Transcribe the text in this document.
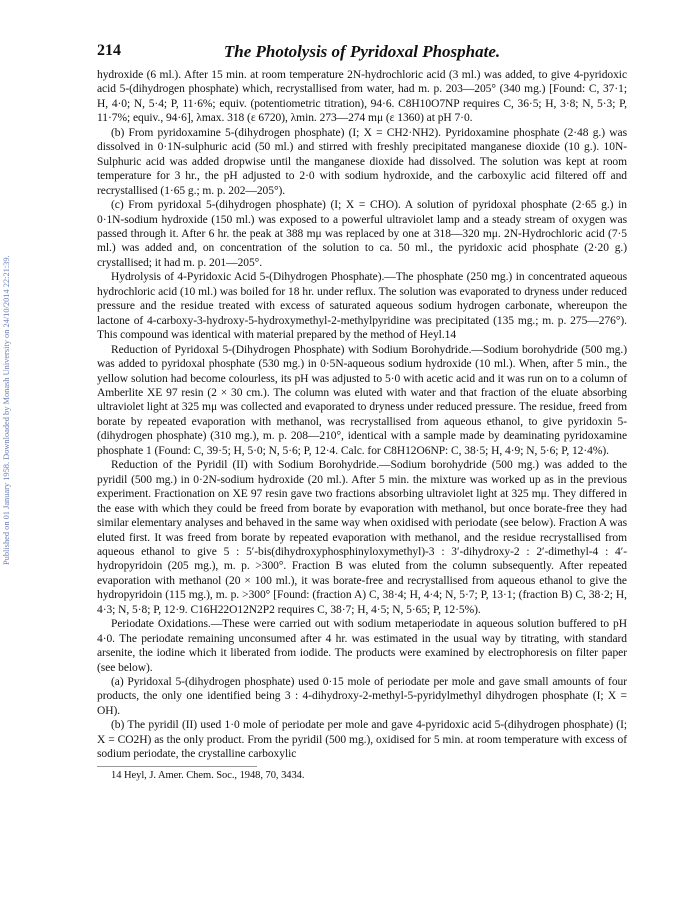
Published on 01 January 1958. Downloaded by Monash University on 24/10/2014 22:21:39.
214	The Photolysis of Pyridoxal Phosphate.

hydroxide (6 ml.). After 15 min. at room temperature 2N-hydrochloric acid (3 ml.) was added, to give 4-pyridoxic acid 5-(dihydrogen phosphate) which, recrystallised from water, had m. p. 203—205° (340 mg.) [Found: C, 37·1; H, 4·0; N, 5·4; P, 11·6%; equiv. (potentiometric titration), 94·6. C8H10O7NP requires C, 36·5; H, 3·8; N, 5·3; P, 11·7%; equiv., 94·6], λmax. 318 (ε 6720), λmin. 273—274 mμ (ε 1360) at pH 7·0.

(b) From pyridoxamine 5-(dihydrogen phosphate) (I; X = CH2·NH2). Pyridoxamine phosphate (2·48 g.) was dissolved in 0·1N-sulphuric acid (50 ml.) and stirred with freshly precipitated manganese dioxide (10 g.). 10N-Sulphuric acid was added dropwise until the manganese dioxide had dissolved. The solution was kept at room temperature for 3 hr., the pH adjusted to 2·0 with sodium hydroxide, and the carboxylic acid filtered off and recrystallised (1·65 g.; m. p. 202—205°).

(c) From pyridoxal 5-(dihydrogen phosphate) (I; X = CHO). A solution of pyridoxal phosphate (2·65 g.) in 0·1N-sodium hydroxide (150 ml.) was exposed to a powerful ultraviolet lamp and a steady stream of oxygen was passed through it. After 6 hr. the peak at 388 mμ was replaced by one at 318—320 mμ. 2N-Hydrochloric acid (7·5 ml.) was added and, on concentration of the solution to ca. 50 ml., the pyridoxic acid phosphate (2·20 g.) crystallised; it had m. p. 201—205°.

Hydrolysis of 4-Pyridoxic Acid 5-(Dihydrogen Phosphate).—The phosphate (250 mg.) in concentrated aqueous hydrochloric acid (10 ml.) was boiled for 18 hr. under reflux. The solution was evaporated to dryness under reduced pressure and the residue treated with excess of saturated aqueous sodium hydrogen carbonate, whereupon the lactone of 4-carboxy-3-hydroxy-5-hydroxymethyl-2-methylpyridine was precipitated (135 mg.; m. p. 275—276°). This compound was identical with material prepared by the method of Heyl.14

Reduction of Pyridoxal 5-(Dihydrogen Phosphate) with Sodium Borohydride.—Sodium borohydride (500 mg.) was added to pyridoxal phosphate (530 mg.) in 0·5N-aqueous sodium hydroxide (10 ml.). When, after 5 min., the yellow solution had become colourless, its pH was adjusted to 5·0 with acetic acid and it was run on to a column of Amberlite XE 97 resin (2 × 30 cm.). The column was eluted with water and that fraction of the eluate absorbing ultraviolet light at 325 mμ was collected and evaporated to dryness under reduced pressure. The residue, freed from borate by repeated evaporation with methanol, was recrystallised from aqueous ethanol, to give pyridoxin 5-(dihydrogen phosphate) (310 mg.), m. p. 208—210°, identical with a sample made by deaminating pyridoxamine phosphate 1 (Found: C, 39·5; H, 5·0; N, 5·6; P, 12·4. Calc. for C8H12O6NP: C, 38·5; H, 4·9; N, 5·6; P, 12·4%).

Reduction of the Pyridil (II) with Sodium Borohydride.—Sodium borohydride (500 mg.) was added to the pyridil (500 mg.) in 0·2N-sodium hydroxide (20 ml.). After 5 min. the mixture was worked up as in the previous experiment. Fractionation on XE 97 resin gave two fractions absorbing ultraviolet light at 325 mμ. They differed in the ease with which they could be freed from borate by evaporation with methanol, but once borate-free they had similar elementary analyses and behaved in the same way when oxidised with periodate (see below). Fraction A was eluted first. It was freed from borate by repeated evaporation with methanol, and the residue recrystallised from aqueous ethanol to give 5 : 5′-bis(dihydroxyphosphinyloxymethyl)-3 : 3′-dihydroxy-2 : 2′-dimethyl-4 : 4′-hydropyridoin (205 mg.), m. p. >300°. Fraction B was eluted from the column subsequently. After repeated evaporation with methanol (20 × 100 ml.), it was borate-free and recrystallised from aqueous ethanol to give the hydropyridoin (115 mg.), m. p. >300° [Found: (fraction A) C, 38·4; H, 4·4; N, 5·7; P, 13·1; (fraction B) C, 38·2; H, 4·3; N, 5·8; P, 12·9. C16H22O12N2P2 requires C, 38·7; H, 4·5; N, 5·65; P, 12·5%).

Periodate Oxidations.—These were carried out with sodium metaperiodate in aqueous solution buffered to pH 4·0. The periodate remaining unconsumed after 4 hr. was estimated in the usual way by titrating, with standard arsenite, the iodine which it liberated from iodide. The products were examined by electrophoresis on filter paper (see below).

(a) Pyridoxal 5-(dihydrogen phosphate) used 0·15 mole of periodate per mole and gave small amounts of four products, the only one identified being 3 : 4-dihydroxy-2-methyl-5-pyridylmethyl dihydrogen phosphate (I; X = OH).

(b) The pyridil (II) used 1·0 mole of periodate per mole and gave 4-pyridoxic acid 5-(dihydrogen phosphate) (I; X = CO2H) as the only product. From the pyridil (500 mg.), oxidised for 5 min. at room temperature with excess of sodium periodate, the crystalline carboxylic

14 Heyl, J. Amer. Chem. Soc., 1948, 70, 3434.
